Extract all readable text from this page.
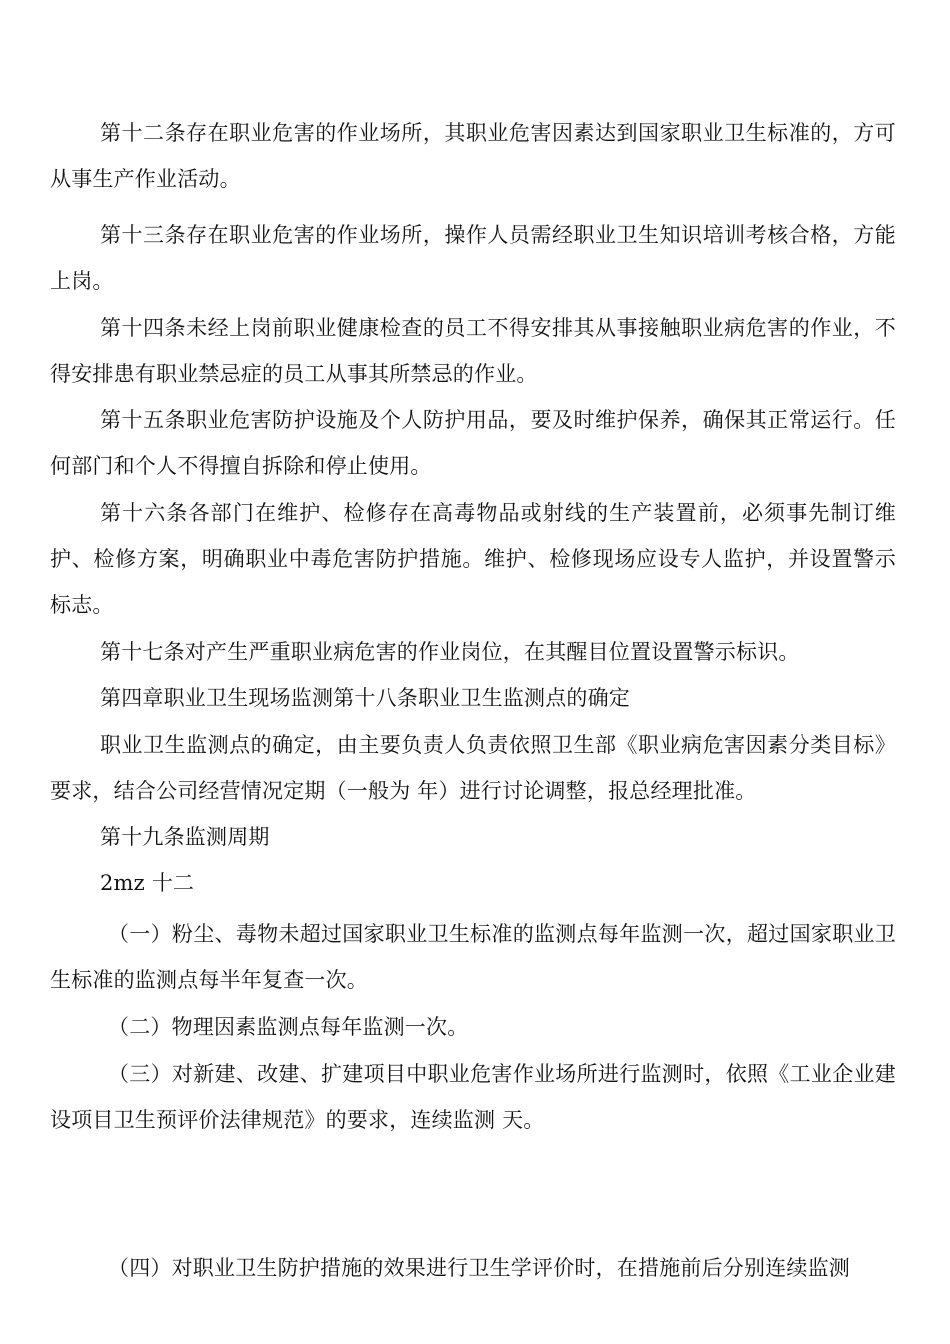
第十二条存在职业危害的作业场所，其职业危害因素达到国家职业卫生标准的，方可从事生产作业活动。

第十三条存在职业危害的作业场所，操作人员需经职业卫生知识培训考核合格，方能上岗。

第十四条未经上岗前职业健康检查的员工不得安排其从事接触职业病危害的作业，不得安排患有职业禁忌症的员工从事其所禁忌的作业。

第十五条职业危害防护设施及个人防护用品，要及时维护保养，确保其正常运行。任何部门和个人不得擅自拆除和停止使用。

第十六条各部门在维护、检修存在高毒物品或射线的生产装置前，必须事先制订维护、检修方案，明确职业中毒危害防护措施。维护、检修现场应设专人监护，并设置警示标志。

第十七条对产生严重职业病危害的作业岗位，在其醒目位置设置警示标识。

第四章职业卫生现场监测第十八条职业卫生监测点的确定

职业卫生监测点的确定，由主要负责人负责依照卫生部《职业病危害因素分类目标》要求，结合公司经营情况定期（一般为 年）进行讨论调整，报总经理批准。

第十九条监测周期

2mz 十二

（一）粉尘、毒物未超过国家职业卫生标准的监测点每年监测一次，超过国家职业卫生标准的监测点每半年复查一次。

（二）物理因素监测点每年监测一次。

（三）对新建、改建、扩建项目中职业危害作业场所进行监测时，依照《工业企业建设项目卫生预评价法律规范》的要求，连续监测 天。

（四）对职业卫生防护措施的效果进行卫生学评价时，在措施前后分别连续监测
